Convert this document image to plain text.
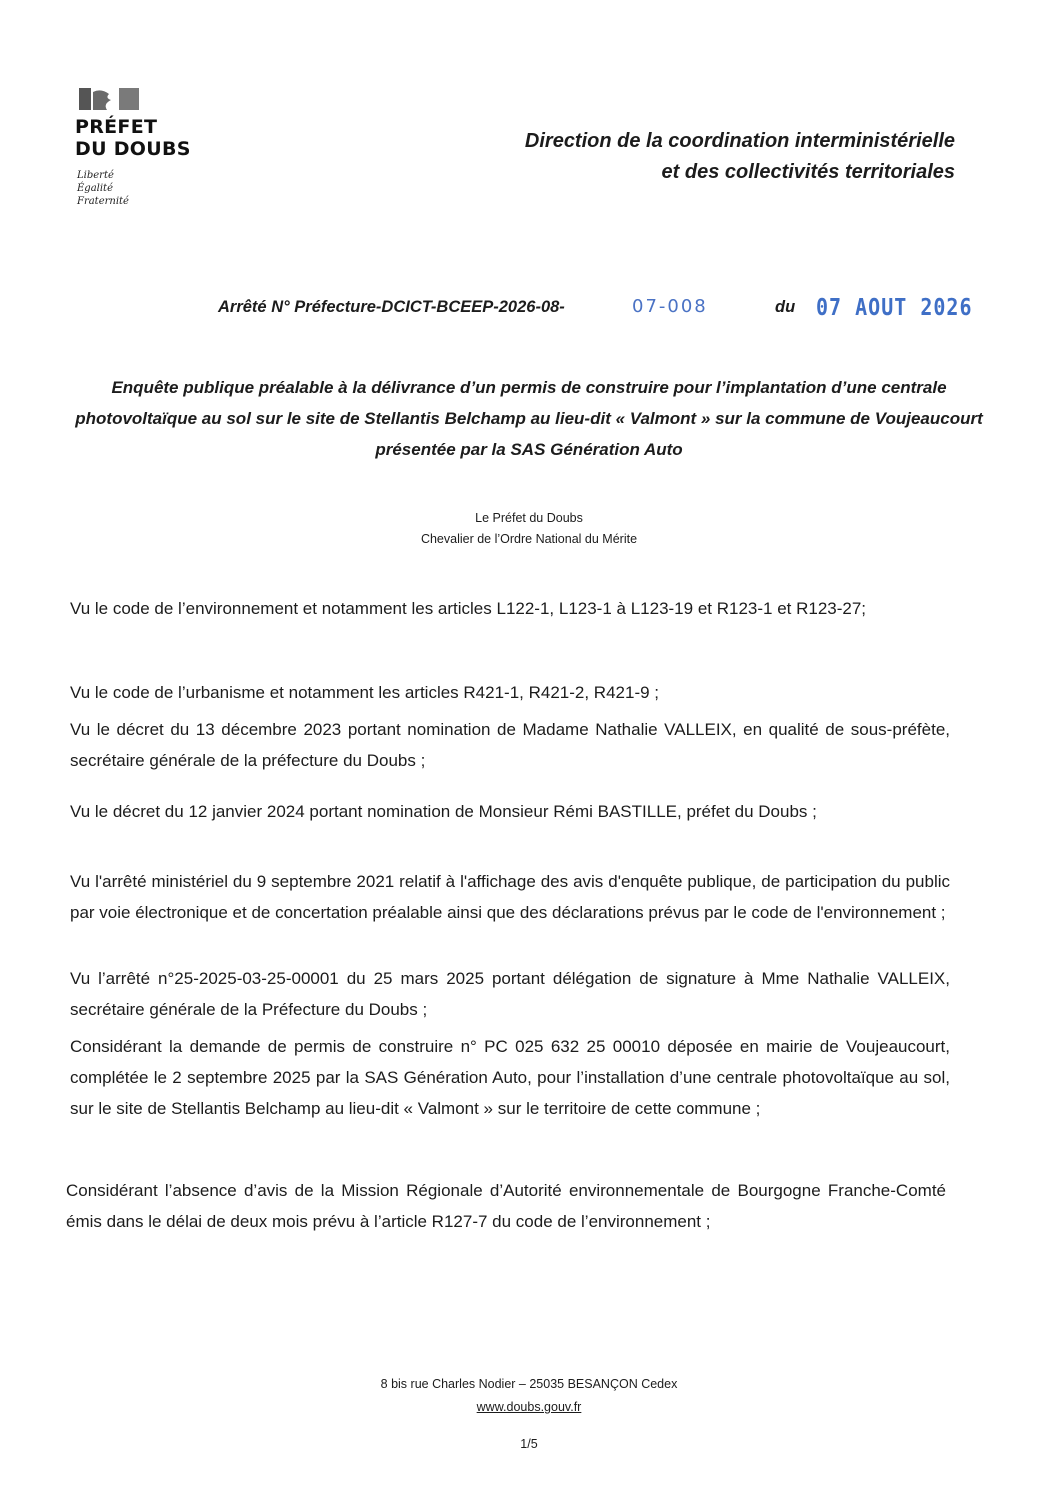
PRÉFET
DU DOUBS
Liberté
Égalité
Fraternité
Direction de la coordination interministérielle
et des collectivités territoriales
Arrêté N° Préfecture-DCICT-BCEEP-2026-08-	07-008	du 07 AOUT 2026
Enquête publique préalable à la délivrance d’un permis de construire pour l’implantation d’une centrale photovoltaïque au sol sur le site de Stellantis Belchamp au lieu-dit « Valmont » sur la commune de Voujeaucourt présentée par la SAS Génération Auto
Le Préfet du Doubs
Chevalier de l’Ordre National du Mérite
Vu le code de l’environnement et notamment les articles L122-1, L123-1 à L123-19 et R123-1 et R123-27;
Vu le code de l’urbanisme et notamment les articles R421-1, R421-2, R421-9 ;
Vu le décret du 13 décembre 2023 portant nomination de Madame Nathalie VALLEIX, en qualité de sous-préfète, secrétaire générale de la préfecture du Doubs ;
Vu le décret du 12 janvier 2024 portant nomination de Monsieur Rémi BASTILLE, préfet du Doubs ;
Vu l'arrêté ministériel du 9 septembre 2021 relatif à l'affichage des avis d'enquête publique, de participation du public par voie électronique et de concertation préalable ainsi que des déclarations prévus par le code de l'environnement ;
Vu l’arrêté n°25-2025-03-25-00001 du 25 mars 2025 portant délégation de signature à Mme Nathalie VALLEIX, secrétaire générale de la Préfecture du Doubs ;
Considérant la demande de permis de construire n° PC 025 632 25 00010 déposée en mairie de Voujeaucourt, complétée le 2 septembre 2025 par la SAS Génération Auto, pour l’installation d’une centrale photovoltaïque au sol, sur le site de Stellantis Belchamp au lieu-dit « Valmont » sur le territoire de cette commune ;
Considérant l’absence d’avis de la Mission Régionale d’Autorité environnementale de Bourgogne Franche-Comté émis dans le délai de deux mois prévu à l’article R127-7 du code de l’environnement ;
8 bis rue Charles Nodier – 25035 BESANÇON Cedex
www.doubs.gouv.fr
1/5
